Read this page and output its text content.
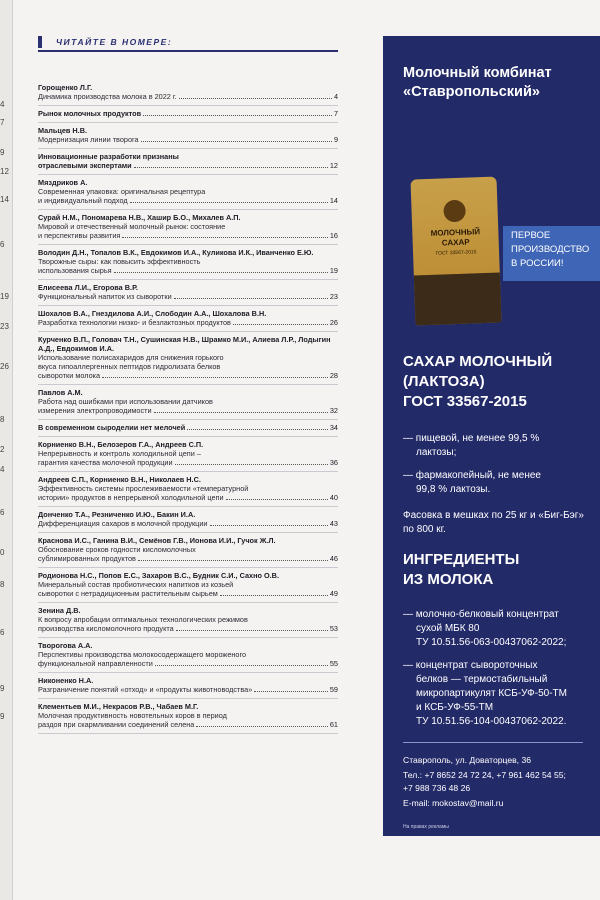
4
7
9
12
14
6
19
23
26
8
2
4
6
0
8
6
9
9
ЧИТАЙТЕ В НОМЕРЕ:
Горощенко Л.Г.
Динамика производства молока в 2022 г.	4
Рынок молочных продуктов	7
Мальцев Н.В.
Модернизация линии творога	9
Инновационные разработки признаны
отраслевыми экспертами	12
Мяздриков А.
Современная упаковка: оригинальная рецептура
и индивидуальный подход	14
Сурай Н.М., Пономарева Н.В., Хашир Б.О., Михалев А.П.
Мировой и отечественный молочный рынок: состояние
и перспективы развития	16
Володин Д.Н., Топалов В.К., Евдокимов И.А., Куликова И.К., Иванченко Е.Ю.
Творожные сыры: как повысить эффективность
использования сырья	19
Елисеева Л.И., Егорова В.Р.
Функциональный напиток из сыворотки	23
Шохалов В.А., Гнездилова А.И., Слободин А.А., Шохалова В.Н.
Разработка технологии низко- и безлактозных продуктов	26
Курченко В.П., Головач Т.Н., Сушинская Н.В., Шрамко М.И., Алиева Л.Р., Лодыгин А.Д., Евдокимов И.А.
Использование полисахаридов для снижения горького
вкуса гипоаллергенных пептидов гидролизата белков
сыворотки молока	28
Павлов А.М.
Работа над ошибками при использовании датчиков
измерения электропроводимости	32
В современном сыроделии нет мелочей	34
Корниенко В.Н., Белозеров Г.А., Андреев С.П.
Непрерывность и контроль холодильной цепи –
гарантия качества молочной продукции	36
Андреев С.П., Корниенко В.Н., Николаев Н.С.
Эффективность системы прослеживаемости «температурной
истории» продуктов в непрерывной холодильной цепи	40
Донченко Т.А., Резниченко И.Ю., Бакин И.А.
Дифференциация сахаров в молочной продукции	43
Краснова И.С., Ганина В.И., Семёнов Г.В., Ионова И.И., Гучок Ж.Л.
Обоснование сроков годности кисломолочных
сублимированных продуктов	46
Родионова Н.С., Попов Е.С., Захаров В.С., Будник С.И., Сахно О.В.
Минеральный состав пробиотических напитков из козьей
сыворотки с нетрадиционным растительным сырьем	49
Зенина Д.В.
К вопросу апробации оптимальных технологических режимов
производства кисломолочного продукта	53
Творогова А.А.
Перспективы производства молокосодержащего мороженого
функциональной направленности	55
Никоненко Н.А.
Разграничение понятий «отход» и «продукты животноводства»	59
Клементьев М.И., Некрасов Р.В., Чабаев М.Г.
Молочная продуктивность новотельных коров в период
раздоя при скармливании соединений селена	61
Молочный комбинат
«Ставропольский»
МОЛОЧНЫЙ САХАР
ГОСТ 33567-2015
ПЕРВОЕ
ПРОИЗВОДСТВО
В РОССИИ!
САХАР МОЛОЧНЫЙ
(ЛАКТОЗА)
ГОСТ 33567-2015
— пищевой, не менее 99,5 %
лактозы;
— фармакопейный, не менее
99,8 % лактозы.
Фасовка в мешках по 25 кг и «Биг-Бэг» по 800 кг.
ИНГРЕДИЕНТЫ
ИЗ МОЛОКА
— молочно-белковый концентрат
сухой МБК 80
ТУ 10.51.56-063-00437062-2022;
— концентрат сывороточных
белков — термостабильный
микропартикулят КСБ-УФ-50-ТМ
и КСБ-УФ-55-ТМ
ТУ 10.51.56-104-00437062-2022.
Ставрополь, ул. Доваторцев, 36
Тел.: +7 8652 24 72 24, +7 961 462 54 55;
+7 988 736 48 26
E-mail: mokostav@mail.ru
На правах рекламы
